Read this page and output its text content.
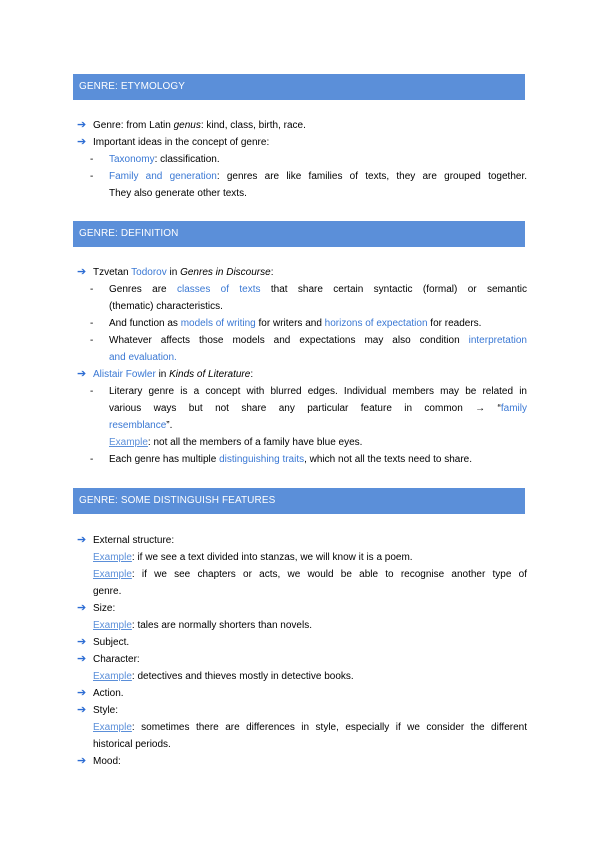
GENRE: ETYMOLOGY
➔ Genre: from Latin genus: kind, class, birth, race.
➔ Important ideas in the concept of genre:
- Taxonomy: classification.
- Family and generation: genres are like families of texts, they are grouped together.
They also generate other texts.
GENRE: DEFINITION
➔ Tzvetan Todorov in Genres in Discourse:
- Genres are classes of texts that share certain syntactic (formal) or semantic
(thematic) characteristics.
- And function as models of writing for writers and horizons of expectation for readers.
- Whatever affects those models and expectations may also condition interpretation
and evaluation.
➔ Alistair Fowler in Kinds of Literature:
- Literary genre is a concept with blurred edges. Individual members may be related in
various ways but not share any particular feature in common → “family
resemblance”.
Example: not all the members of a family have blue eyes.
- Each genre has multiple distinguishing traits, which not all the texts need to share.
GENRE: SOME DISTINGUISH FEATURES
➔ External structure:
Example: if we see a text divided into stanzas, we will know it is a poem.
Example: if we see chapters or acts, we would be able to recognise another type of
genre.
➔ Size:
Example: tales are normally shorters than novels.
➔ Subject.
➔ Character:
Example: detectives and thieves mostly in detective books.
➔ Action.
➔ Style:
Example: sometimes there are differences in style, especially if we consider the different
historical periods.
➔ Mood:
